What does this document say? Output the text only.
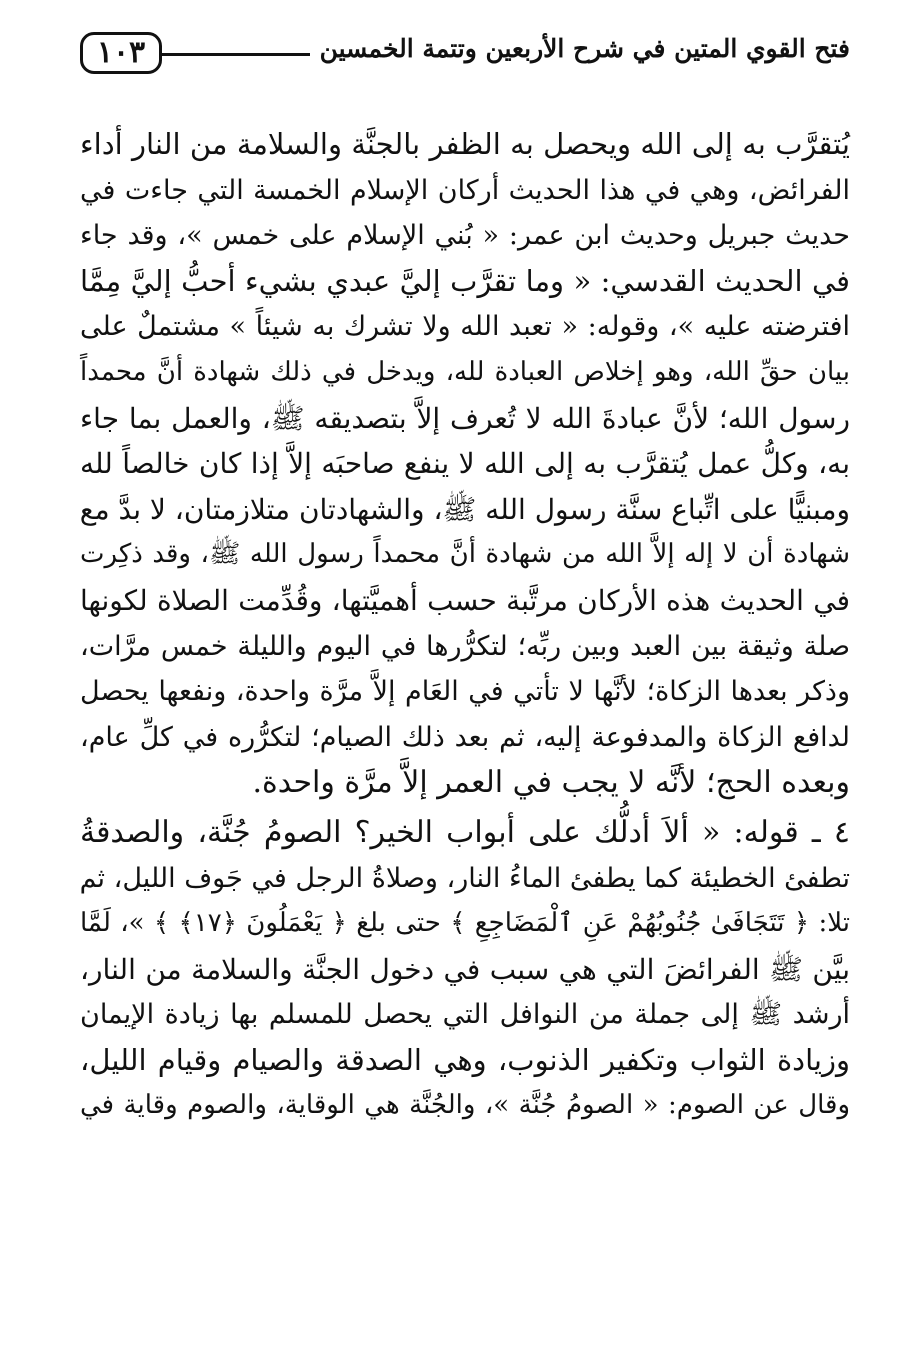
١٠٣	فتح القوي المتين في شرح الأربعين وتتمة الخمسين
يُتقرَّب به إلى الله ويحصل به الظفر بالجنَّة والسلامة من النار أداء
الفرائض، وهي في هذا الحديث أركان الإسلام الخمسة التي جاءت في
حديث جبريل وحديث ابن عمر: « بُني الإسلام على خمس »، وقد جاء
في الحديث القدسي: « وما تقرَّب إليَّ عبدي بشيء أحبُّ إليَّ مِمَّا
افترضته عليه »، وقوله: « تعبد الله ولا تشرك به شيئاً » مشتملٌ على
بيان حقِّ الله، وهو إخلاص العبادة لله، ويدخل في ذلك شهادة أنَّ محمداً
رسول الله؛ لأنَّ عبادةَ الله لا تُعرف إلاَّ بتصديقه ﷺ، والعمل بما جاء
به، وكلُّ عمل يُتقرَّب به إلى الله لا ينفع صاحبَه إلاَّ إذا كان خالصاً لله
ومبنيًّا على اتِّباع سنَّة رسول الله ﷺ، والشهادتان متلازمتان، لا بدَّ مع
شهادة أن لا إله إلاَّ الله من شهادة أنَّ محمداً رسول الله ﷺ، وقد ذكِرت
في الحديث هذه الأركان مرتَّبة حسب أهميَّتها، وقُدِّمت الصلاة لكونها
صلة وثيقة بين العبد وبين ربِّه؛ لتكرُّرها في اليوم والليلة خمس مرَّات،
وذكر بعدها الزكاة؛ لأنَّها لا تأتي في العَام إلاَّ مرَّة واحدة، ونفعها يحصل
لدافع الزكاة والمدفوعة إليه، ثم بعد ذلك الصيام؛ لتكرُّره في كلِّ عام،
وبعده الحج؛ لأنَّه لا يجب في العمر إلاَّ مرَّة واحدة.
٤ ـ قوله: « ألاَ أدلُّك على أبواب الخير؟ الصومُ جُنَّة، والصدقةُ
تطفئ الخطيئة كما يطفئ الماءُ النار، وصلاةُ الرجل في جَوف الليل، ثم
تلا: ﴿ تَتَجَافَىٰ جُنُوبُهُمْ عَنِ ٱلْمَضَاجِعِ ﴾ حتى بلغ ﴿ يَعْمَلُونَ ﴿١٧﴾ ﴾ »، لَمَّا
بيَّن ﷺ الفرائضَ التي هي سبب في دخول الجنَّة والسلامة من النار،
أرشد ﷺ إلى جملة من النوافل التي يحصل للمسلم بها زيادة الإيمان
وزيادة الثواب وتكفير الذنوب، وهي الصدقة والصيام وقيام الليل،
وقال عن الصوم: « الصومُ جُنَّة »، والجُنَّة هي الوقاية، والصوم وقاية في
